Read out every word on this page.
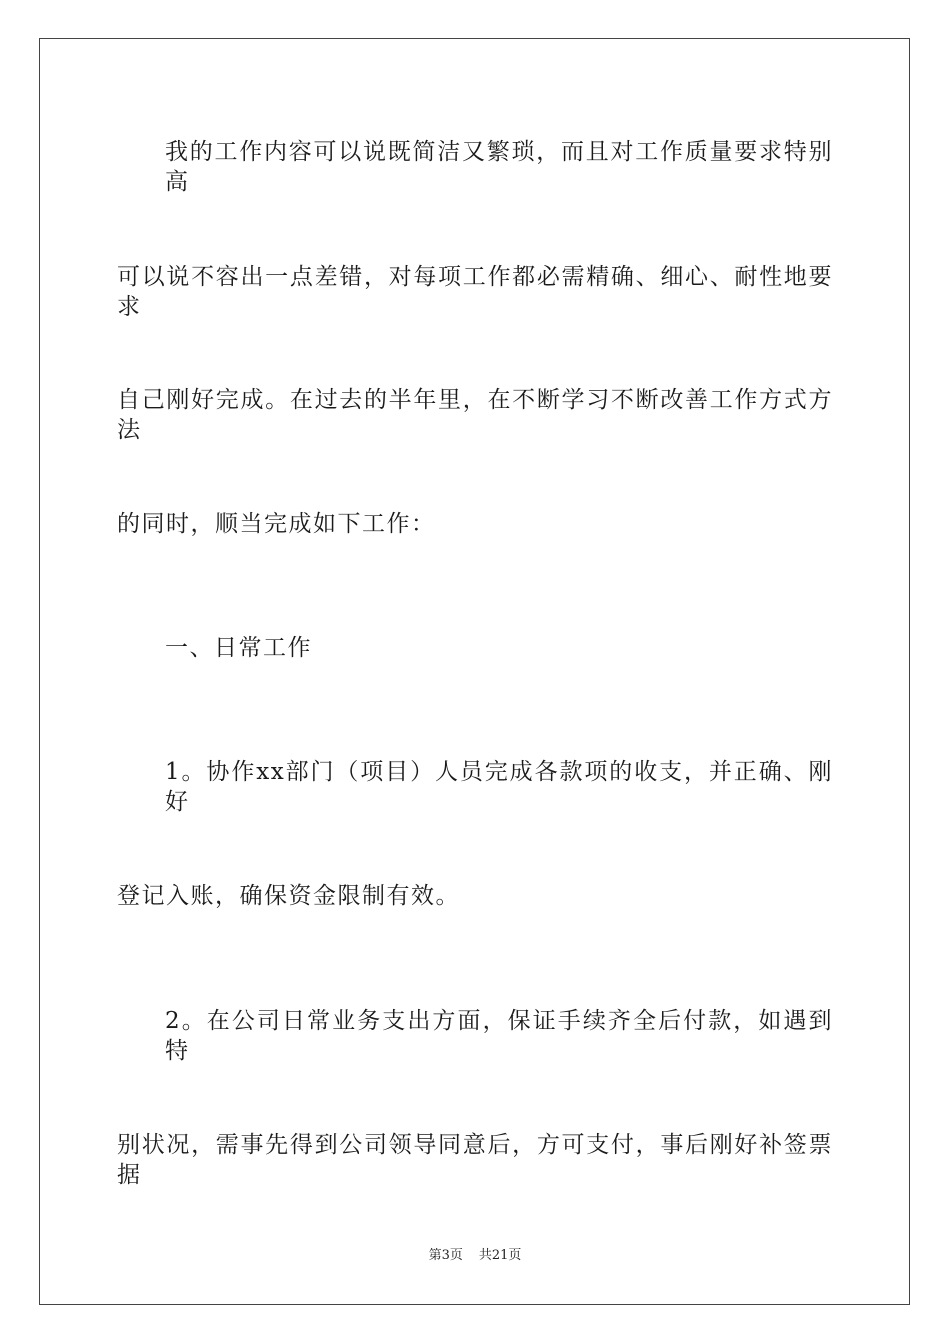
我的工作内容可以说既简洁又繁琐，而且对工作质量要求特别高
可以说不容出一点差错，对每项工作都必需精确、细心、耐性地要求
自己刚好完成。在过去的半年里，在不断学习不断改善工作方式方法
的同时，顺当完成如下工作：
一、日常工作
1。协作xx部门（项目）人员完成各款项的收支，并正确、刚好
登记入账，确保资金限制有效。
2。在公司日常业务支出方面，保证手续齐全后付款，如遇到特
别状况，需事先得到公司领导同意后，方可支付，事后刚好补签票据
第3页 共21页
